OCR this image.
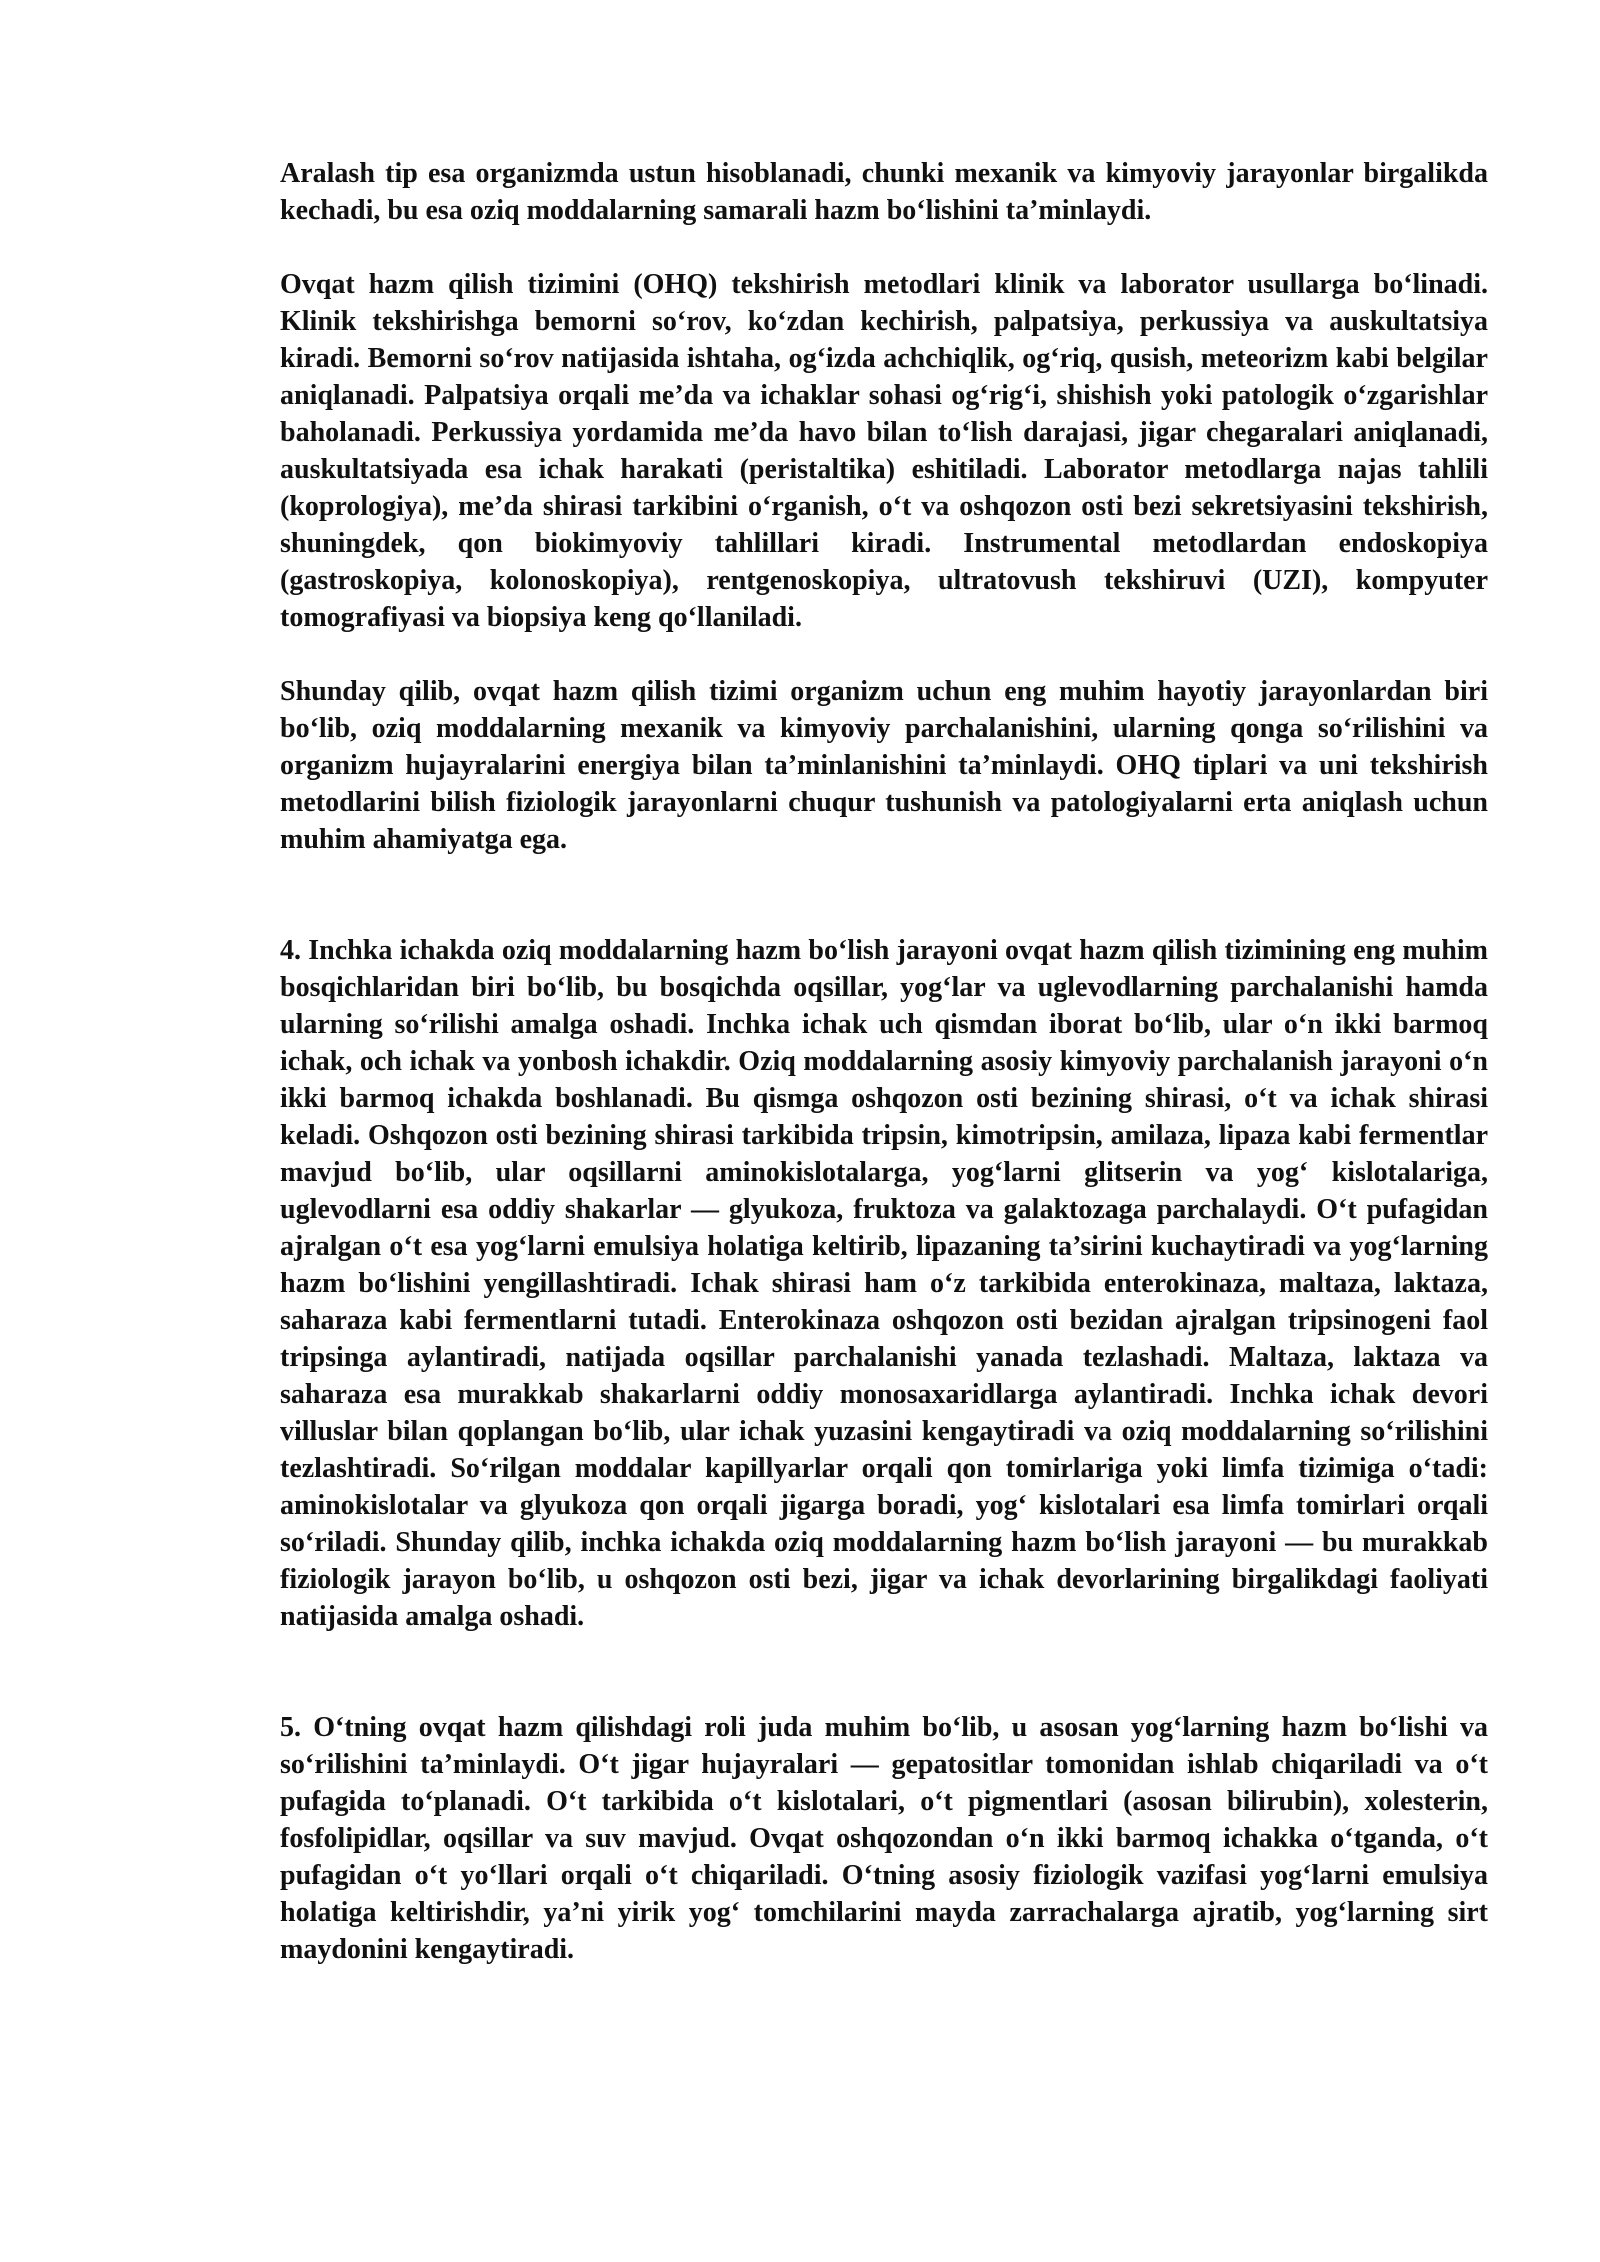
Aralash tip esa organizmda ustun hisoblanadi, chunki mexanik va kimyoviy jarayonlar birgalikda kechadi, bu esa oziq moddalarning samarali hazm bo‘lishini ta’minlaydi.

Ovqat hazm qilish tizimini (OHQ) tekshirish metodlari klinik va laborator usullarga bo‘linadi. Klinik tekshirishga bemorni so‘rov, ko‘zdan kechirish, palpatsiya, perkussiya va auskultatsiya kiradi. Bemorni so‘rov natijasida ishtaha, og‘izda achchiqlik, og‘riq, qusish, meteorizm kabi belgilar aniqlanadi. Palpatsiya orqali me’da va ichaklar sohasi og‘rig‘i, shishish yoki patologik o‘zgarishlar baholanadi. Perkussiya yordamida me’da havo bilan to‘lish darajasi, jigar chegaralari aniqlanadi, auskultatsiyada esa ichak harakati (peristaltika) eshitiladi. Laborator metodlarga najas tahlili (koprologiya), me’da shirasi tarkibini o‘rganish, o‘t va oshqozon osti bezi sekretsiyasini tekshirish, shuningdek, qon biokimyoviy tahlillari kiradi. Instrumental metodlardan endoskopiya (gastroskopiya, kolonoskopiya), rentgenoskopiya, ultratovush tekshiruvi (UZI), kompyuter tomografiyasi va biopsiya keng qo‘llaniladi.

Shunday qilib, ovqat hazm qilish tizimi organizm uchun eng muhim hayotiy jarayonlardan biri bo‘lib, oziq moddalarning mexanik va kimyoviy parchalanishini, ularning qonga so‘rilishini va organizm hujayralarini energiya bilan ta’minlanishini ta’minlaydi. OHQ tiplari va uni tekshirish metodlarini bilish fiziologik jarayonlarni chuqur tushunish va patologiyalarni erta aniqlash uchun muhim ahamiyatga ega.

4. Inchka ichakda oziq moddalarning hazm bo‘lish jarayoni ovqat hazm qilish tizimining eng muhim bosqichlaridan biri bo‘lib, bu bosqichda oqsillar, yog‘lar va uglevodlarning parchalanishi hamda ularning so‘rilishi amalga oshadi. Inchka ichak uch qismdan iborat bo‘lib, ular o‘n ikki barmoq ichak, och ichak va yonbosh ichakdir. Oziq moddalarning asosiy kimyoviy parchalanish jarayoni o‘n ikki barmoq ichakda boshlanadi. Bu qismga oshqozon osti bezining shirasi, o‘t va ichak shirasi keladi. Oshqozon osti bezining shirasi tarkibida tripsin, kimotripsin, amilaza, lipaza kabi fermentlar mavjud bo‘lib, ular oqsillarni aminokislotalarga, yog‘larni glitserin va yog‘ kislotalariga, uglevodlarni esa oddiy shakarlar — glyukoza, fruktoza va galaktozaga parchalaydi. O‘t pufagidan ajralgan o‘t esa yog‘larni emulsiya holatiga keltirib, lipazaning ta’sirini kuchaytiradi va yog‘larning hazm bo‘lishini yengillashtiradi. Ichak shirasi ham o‘z tarkibida enterokinaza, maltaza, laktaza, saharaza kabi fermentlarni tutadi. Enterokinaza oshqozon osti bezidan ajralgan tripsinogeni faol tripsinga aylantiradi, natijada oqsillar parchalanishi yanada tezlashadi. Maltaza, laktaza va saharaza esa murakkab shakarlarni oddiy monosaxaridlarga aylantiradi. Inchka ichak devori villuslar bilan qoplangan bo‘lib, ular ichak yuzasini kengaytiradi va oziq moddalarning so‘rilishini tezlashtiradi. So‘rilgan moddalar kapillyarlar orqali qon tomirlariga yoki limfa tizimiga o‘tadi: aminokislotalar va glyukoza qon orqali jigarga boradi, yog‘ kislotalari esa limfa tomirlari orqali so‘riladi. Shunday qilib, inchka ichakda oziq moddalarning hazm bo‘lish jarayoni — bu murakkab fiziologik jarayon bo‘lib, u oshqozon osti bezi, jigar va ichak devorlarining birgalikdagi faoliyati natijasida amalga oshadi.

5. O‘tning ovqat hazm qilishdagi roli juda muhim bo‘lib, u asosan yog‘larning hazm bo‘lishi va so‘rilishini ta’minlaydi. O‘t jigar hujayralari — gepatositlar tomonidan ishlab chiqariladi va o‘t pufagida to‘planadi. O‘t tarkibida o‘t kislotalari, o‘t pigmentlari (asosan bilirubin), xolesterin, fosfolipidlar, oqsillar va suv mavjud. Ovqat oshqozondan o‘n ikki barmoq ichakka o‘tganda, o‘t pufagidan o‘t yo‘llari orqali o‘t chiqariladi. O‘tning asosiy fiziologik vazifasi yog‘larni emulsiya holatiga keltirishdir, ya’ni yirik yog‘ tomchilarini mayda zarrachalarga ajratib, yog‘larning sirt maydonini kengaytiradi.
